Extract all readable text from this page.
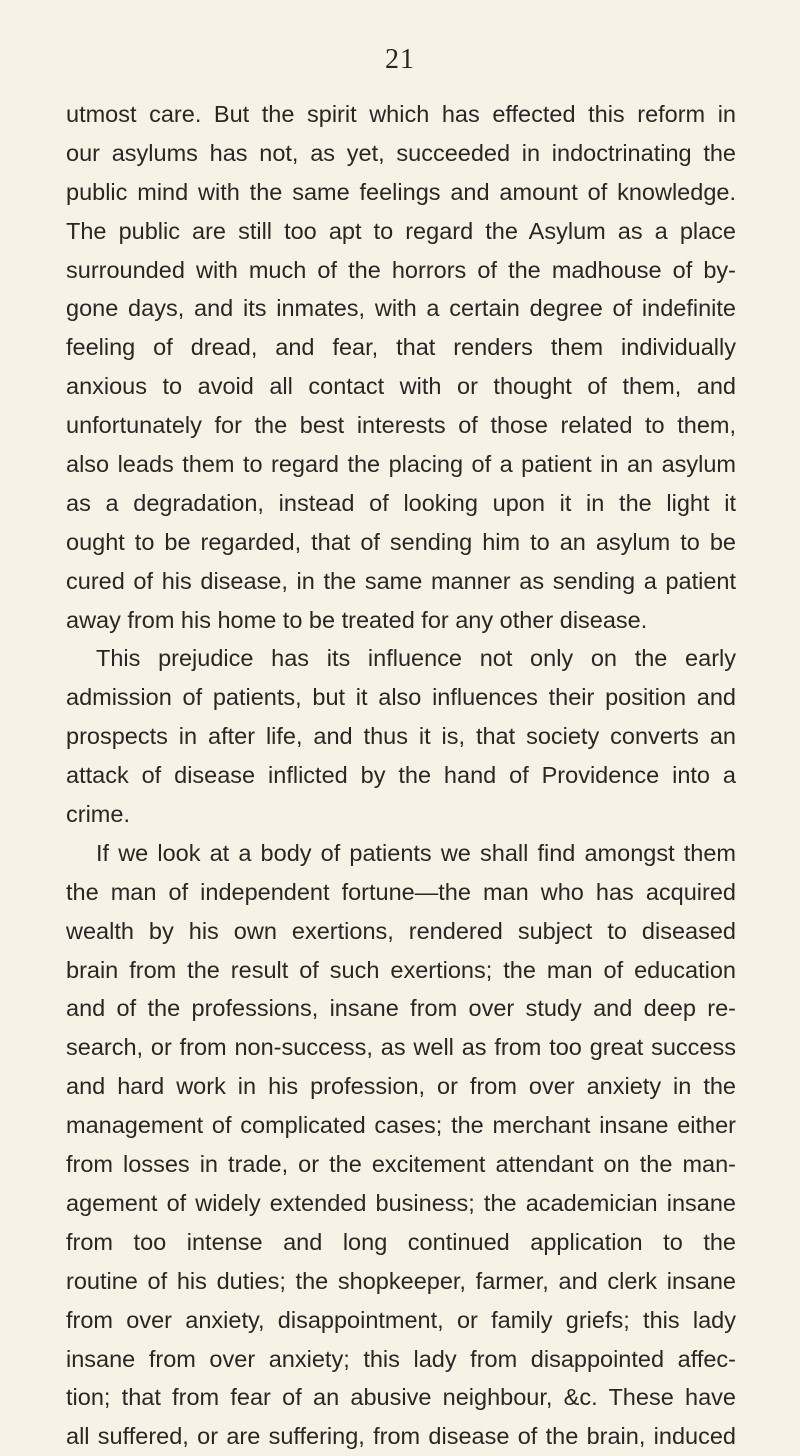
21
utmost care. But the spirit which has effected this reform in
our asylums has not, as yet, succeeded in indoctrinating the
public mind with the same feelings and amount of knowledge.
The public are still too apt to regard the Asylum as a place
surrounded with much of the horrors of the madhouse of by-
gone days, and its inmates, with a certain degree of indefinite
feeling of dread, and fear, that renders them individually
anxious to avoid all contact with or thought of them, and
unfortunately for the best interests of those related to them,
also leads them to regard the placing of a patient in an asylum
as a degradation, instead of looking upon it in the light it
ought to be regarded, that of sending him to an asylum to be
cured of his disease, in the same manner as sending a patient
away from his home to be treated for any other disease.
This prejudice has its influence not only on the early
admission of patients, but it also influences their position and
prospects in after life, and thus it is, that society converts an
attack of disease inflicted by the hand of Providence into a
crime.
If we look at a body of patients we shall find amongst them
the man of independent fortune—the man who has acquired
wealth by his own exertions, rendered subject to diseased
brain from the result of such exertions; the man of education
and of the professions, insane from over study and deep re-
search, or from non-success, as well as from too great success
and hard work in his profession, or from over anxiety in the
management of complicated cases; the merchant insane either
from losses in trade, or the excitement attendant on the man-
agement of widely extended business; the academician insane
from too intense and long continued application to the
routine of his duties; the shopkeeper, farmer, and clerk insane
from over anxiety, disappointment, or family griefs; this lady
insane from over anxiety; this lady from disappointed affec-
tion; that from fear of an abusive neighbour, &c. These have
all suffered, or are suffering, from disease of the brain, induced
